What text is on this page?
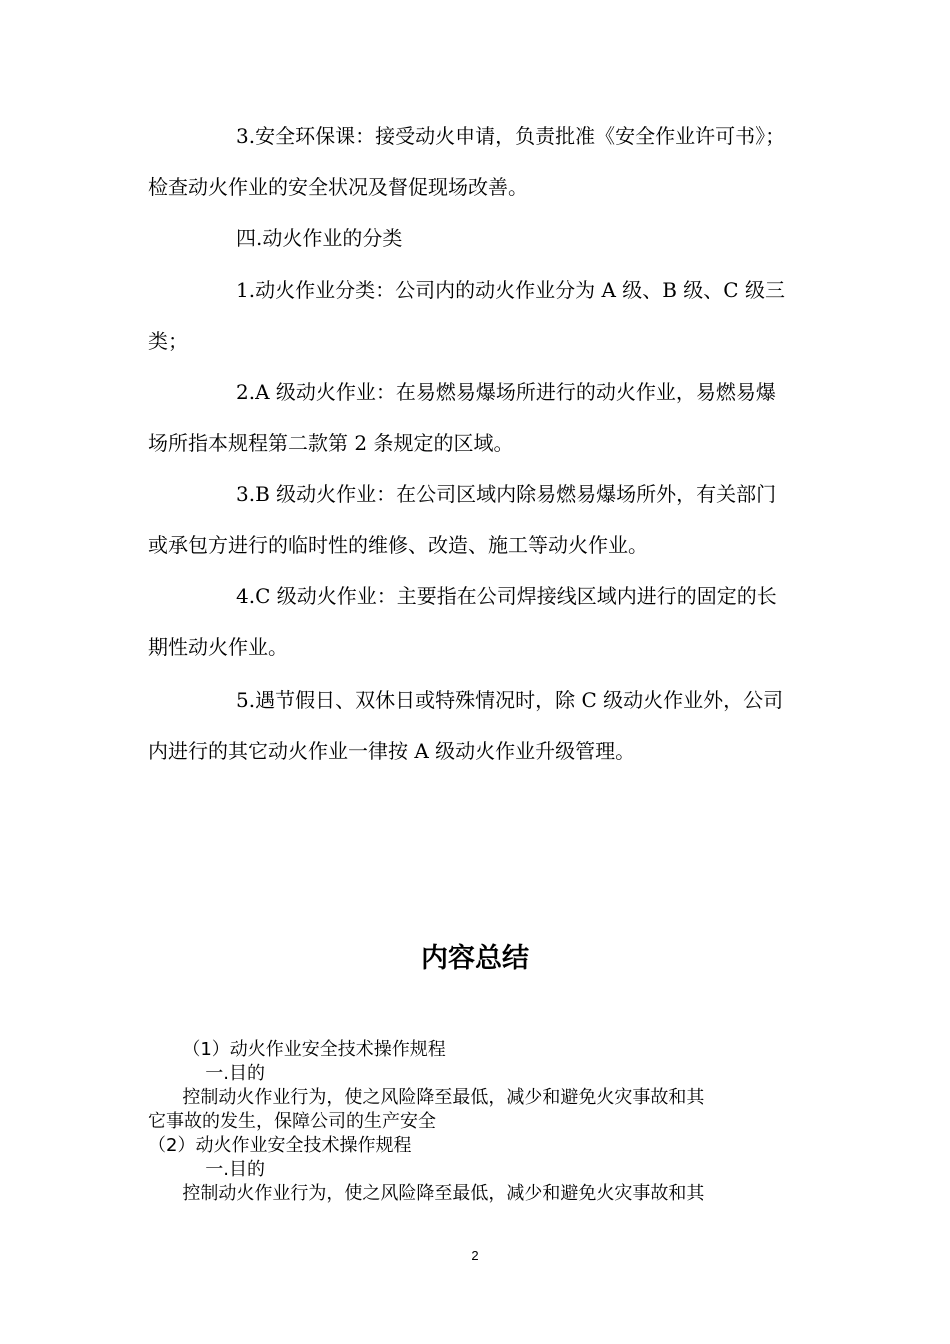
3.安全环保课：接受动火申请，负责批准《安全作业许可书》；检查动火作业的安全状况及督促现场改善。

四.动火作业的分类

1.动火作业分类：公司内的动火作业分为 A 级、B 级、C 级三类；

2.A 级动火作业：在易燃易爆场所进行的动火作业，易燃易爆场所指本规程第二款第 2 条规定的区域。

3.B 级动火作业：在公司区域内除易燃易爆场所外，有关部门或承包方进行的临时性的维修、改造、施工等动火作业。

4.C 级动火作业：主要指在公司焊接线区域内进行的固定的长期性动火作业。

5.遇节假日、双休日或特殊情况时，除 C 级动火作业外，公司内进行的其它动火作业一律按 A 级动火作业升级管理。

内容总结

（1）动火作业安全技术操作规程

一.目的

控制动火作业行为，使之风险降至最低，减少和避免火灾事故和其

它事故的发生，保障公司的生产安全

（2）动火作业安全技术操作规程

一.目的

控制动火作业行为，使之风险降至最低，减少和避免火灾事故和其

2
